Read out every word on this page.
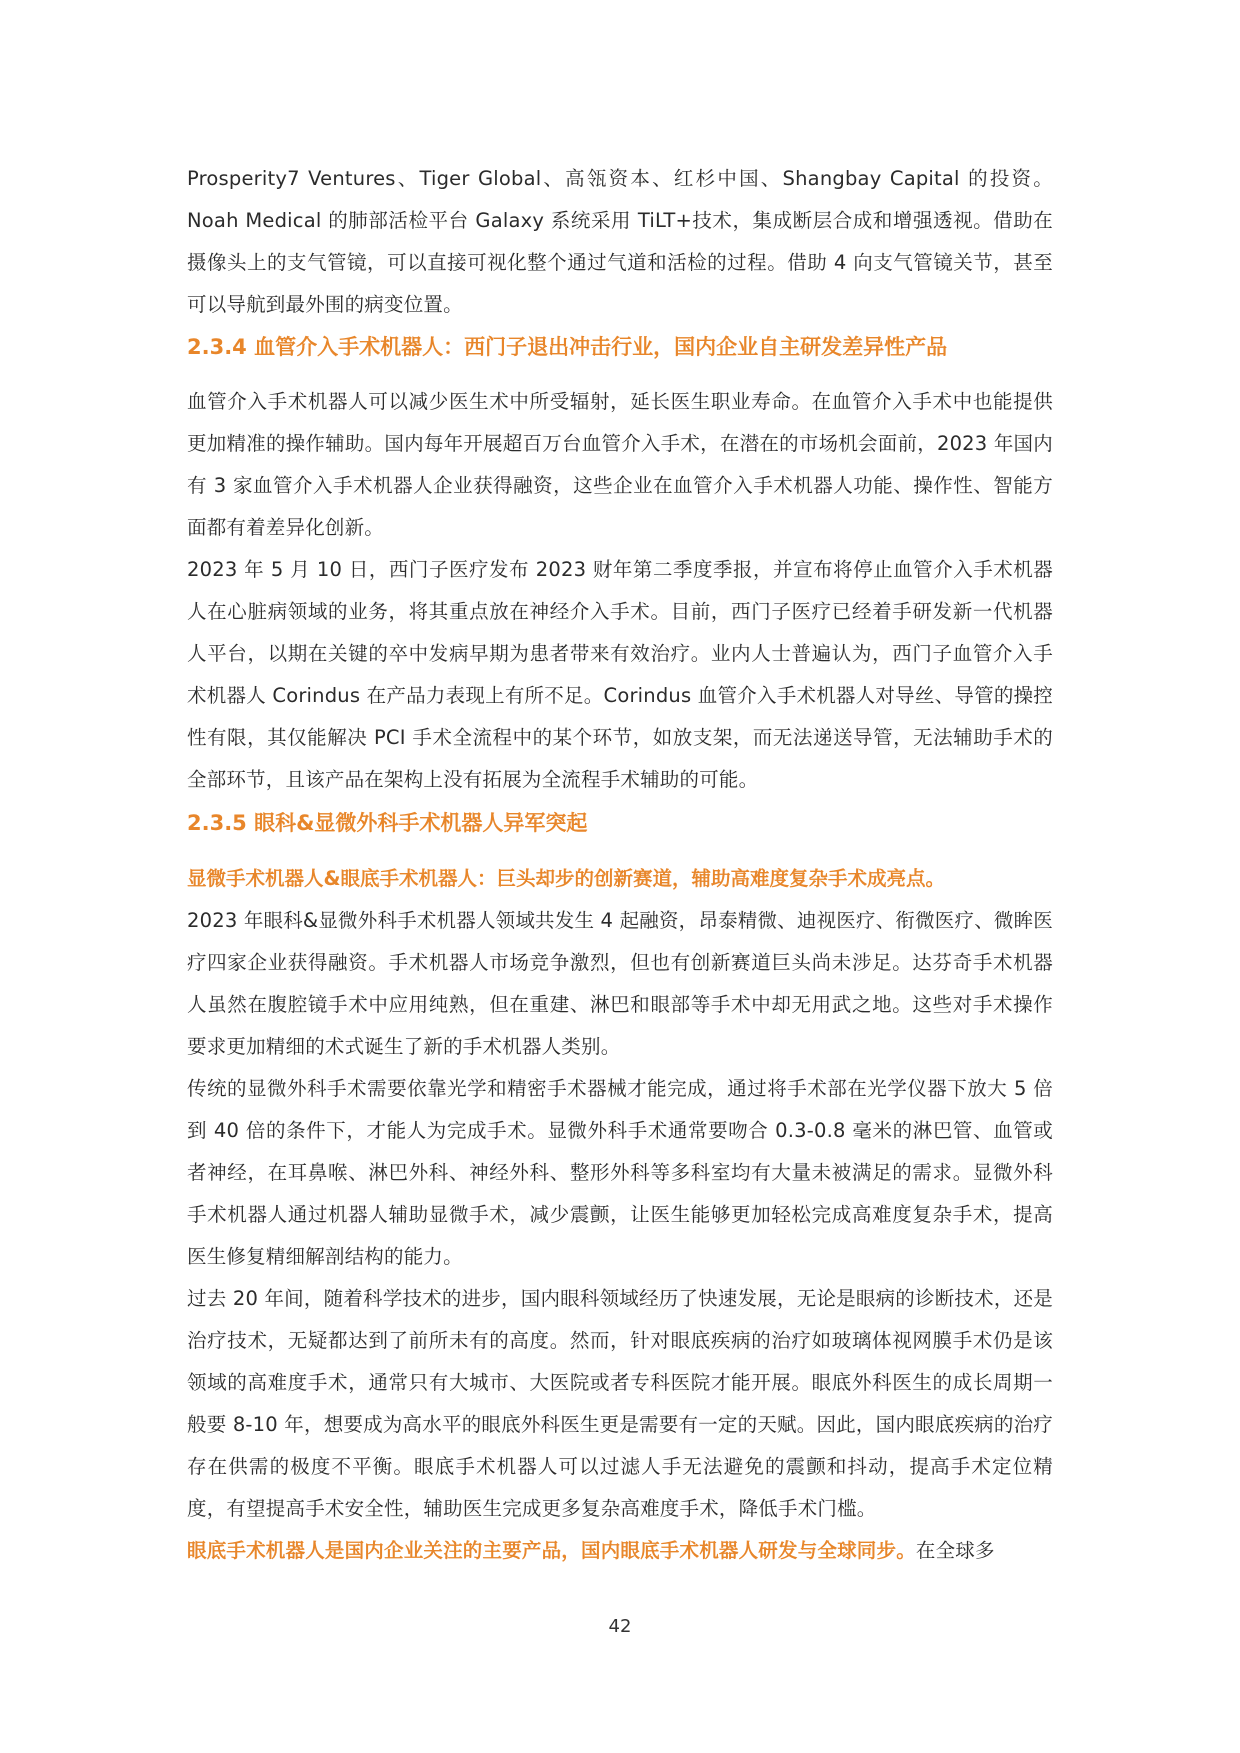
Prosperity7 Ventures、Tiger Global、高瓴资本、红杉中国、Shangbay Capital 的投资。Noah Medical 的肺部活检平台 Galaxy 系统采用 TiLT+技术，集成断层合成和增强透视。借助在摄像头上的支气管镜，可以直接可视化整个通过气道和活检的过程。借助 4 向支气管镜关节，甚至可以导航到最外围的病变位置。

2.3.4 血管介入手术机器人：西门子退出冲击行业，国内企业自主研发差异性产品

血管介入手术机器人可以减少医生术中所受辐射，延长医生职业寿命。在血管介入手术中也能提供更加精准的操作辅助。国内每年开展超百万台血管介入手术，在潜在的市场机会面前，2023 年国内有 3 家血管介入手术机器人企业获得融资，这些企业在血管介入手术机器人功能、操作性、智能方面都有着差异化创新。

2023 年 5 月 10 日，西门子医疗发布 2023 财年第二季度季报，并宣布将停止血管介入手术机器人在心脏病领域的业务，将其重点放在神经介入手术。目前，西门子医疗已经着手研发新一代机器人平台，以期在关键的卒中发病早期为患者带来有效治疗。业内人士普遍认为，西门子血管介入手术机器人 Corindus 在产品力表现上有所不足。Corindus 血管介入手术机器人对导丝、导管的操控性有限，其仅能解决 PCI 手术全流程中的某个环节，如放支架，而无法递送导管，无法辅助手术的全部环节，且该产品在架构上没有拓展为全流程手术辅助的可能。

2.3.5 眼科&显微外科手术机器人异军突起

显微手术机器人&眼底手术机器人：巨头却步的创新赛道，辅助高难度复杂手术成亮点。

2023 年眼科&显微外科手术机器人领域共发生 4 起融资，昂泰精微、迪视医疗、衔微医疗、微眸医疗四家企业获得融资。手术机器人市场竞争激烈，但也有创新赛道巨头尚未涉足。达芬奇手术机器人虽然在腹腔镜手术中应用纯熟，但在重建、淋巴和眼部等手术中却无用武之地。这些对手术操作要求更加精细的术式诞生了新的手术机器人类别。

传统的显微外科手术需要依靠光学和精密手术器械才能完成，通过将手术部在光学仪器下放大 5 倍到 40 倍的条件下，才能人为完成手术。显微外科手术通常要吻合 0.3-0.8 毫米的淋巴管、血管或者神经，在耳鼻喉、淋巴外科、神经外科、整形外科等多科室均有大量未被满足的需求。显微外科手术机器人通过机器人辅助显微手术，减少震颤，让医生能够更加轻松完成高难度复杂手术，提高医生修复精细解剖结构的能力。

过去 20 年间，随着科学技术的进步，国内眼科领域经历了快速发展，无论是眼病的诊断技术，还是治疗技术，无疑都达到了前所未有的高度。然而，针对眼底疾病的治疗如玻璃体视网膜手术仍是该领域的高难度手术，通常只有大城市、大医院或者专科医院才能开展。眼底外科医生的成长周期一般要 8-10 年，想要成为高水平的眼底外科医生更是需要有一定的天赋。因此，国内眼底疾病的治疗存在供需的极度不平衡。眼底手术机器人可以过滤人手无法避免的震颤和抖动，提高手术定位精度，有望提高手术安全性，辅助医生完成更多复杂高难度手术，降低手术门槛。

眼底手术机器人是国内企业关注的主要产品，国内眼底手术机器人研发与全球同步。在全球多

42
